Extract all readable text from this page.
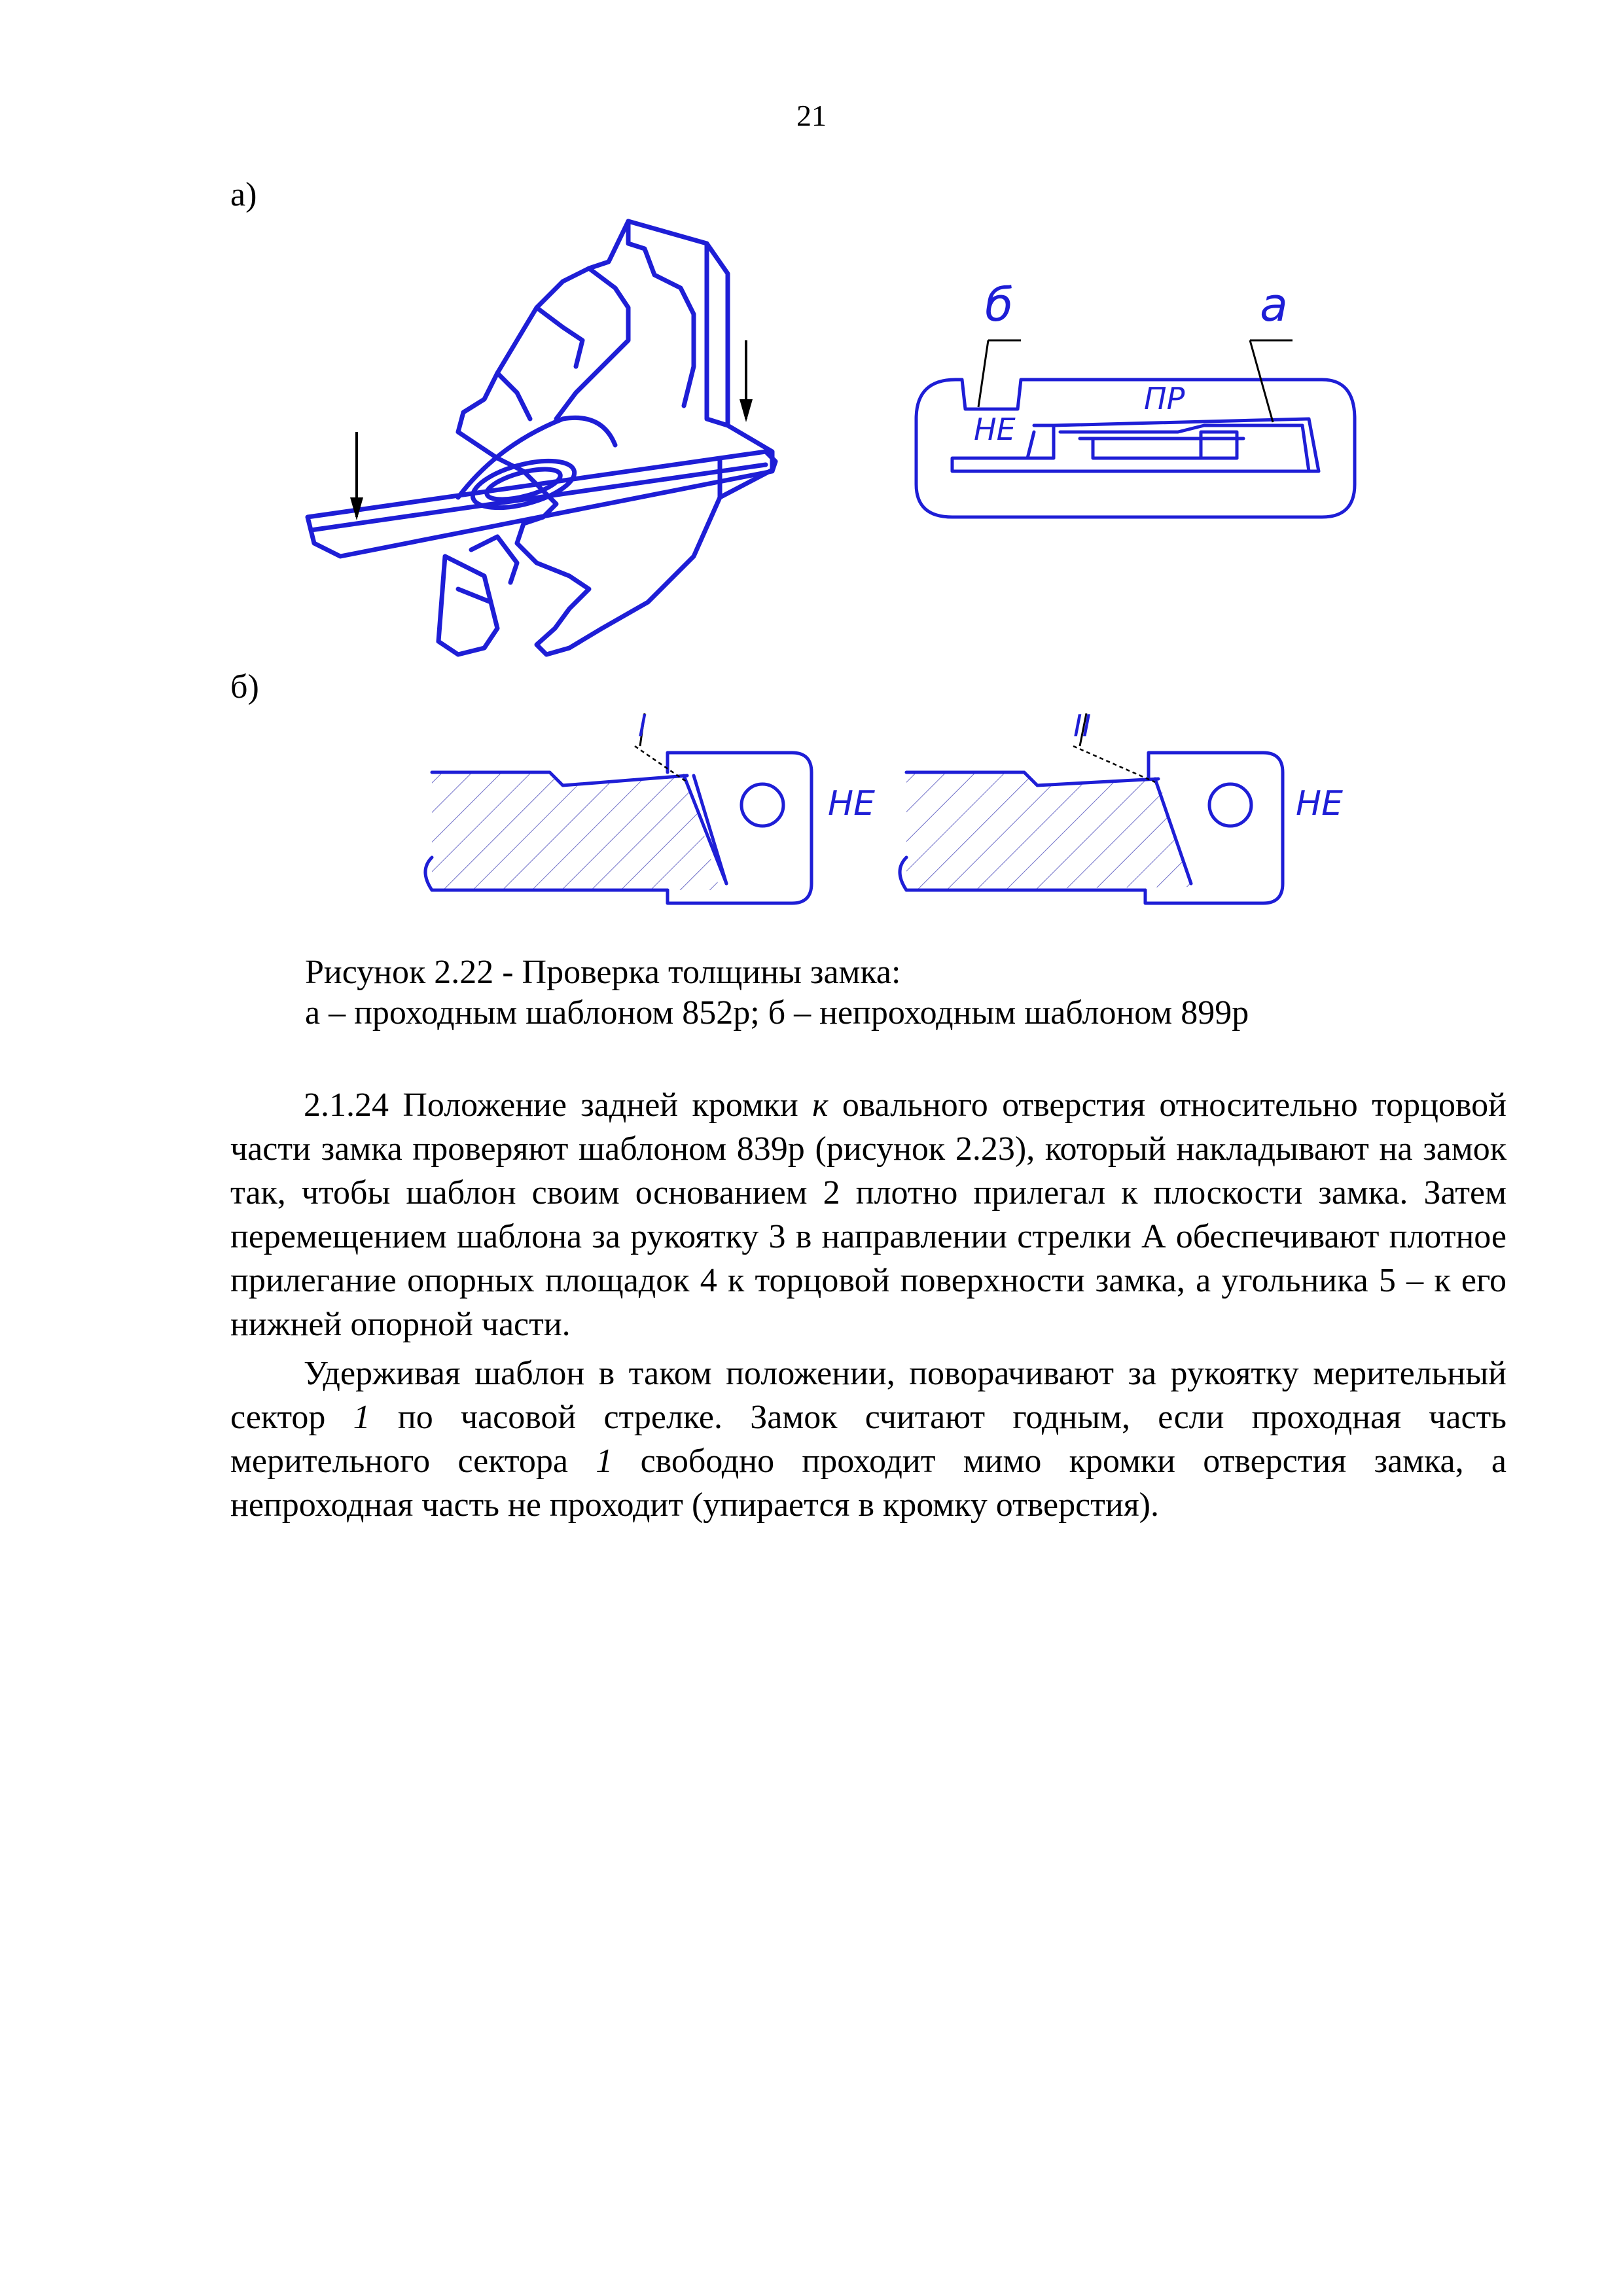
21
а)
б)
б	а
ПР
НЕ
I
НЕ
II
НЕ
Рисунок 2.22 - Проверка толщины замка:
а – проходным шаблоном 852р; б – непроходным шаблоном 899р

2.1.24 Положение задней кромки к овального отверстия относительно торцовой части замка проверяют шаблоном 839р (рисунок 2.23), который накладывают на замок так, чтобы шаблон своим основанием 2 плотно прилегал к плоскости замка. Затем перемещением шаблона за рукоятку 3 в направлении стрелки А обеспечивают плотное прилегание опорных площадок 4 к торцовой поверхности замка, а угольника 5 – к его нижней опорной части.

Удерживая шаблон в таком положении, поворачивают за рукоятку мерительный сектор 1 по часовой стрелке. Замок считают годным, если проходная часть мерительного сектора 1 свободно проходит мимо кромки отверстия замка, а непроходная часть не проходит (упирается в кромку отверстия).
